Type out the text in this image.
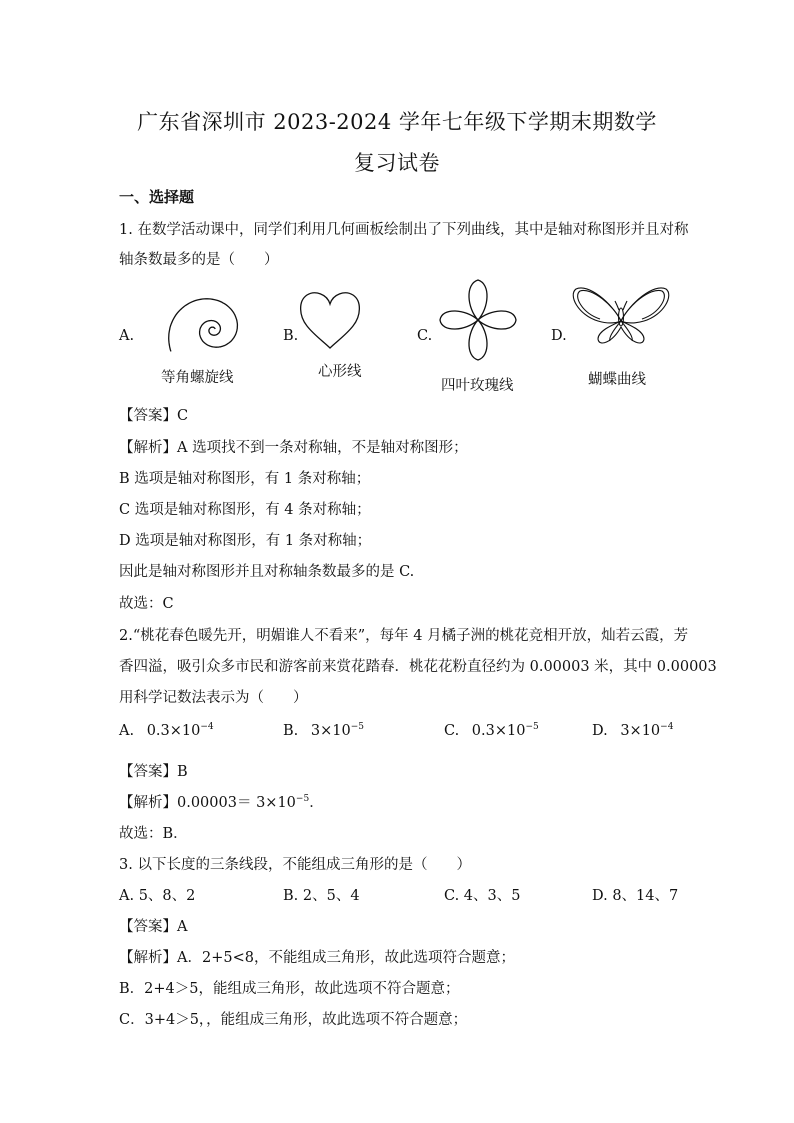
广东省深圳市 2023-2024 学年七年级下学期末期数学
复习试卷
一、选择题
1. 在数学活动课中，同学们利用几何画板绘制出了下列曲线，其中是轴对称图形并且对称
轴条数最多的是（　　）
A.	B.	C.	D.
等角螺旋线	心形线
四叶玫瑰线	蝴蝶曲线
【答案】C
【解析】A 选项找不到一条对称轴，不是轴对称图形；
B 选项是轴对称图形，有 1 条对称轴；
C 选项是轴对称图形，有 4 条对称轴；
D 选项是轴对称图形，有 1 条对称轴；
因此是轴对称图形并且对称轴条数最多的是 C.
故选：C
2.“桃花春色暖先开，明媚谁人不看来”，每年 4 月橘子洲的桃花竞相开放，灿若云霞，芳
香四溢，吸引众多市民和游客前来赏花踏春．桃花花粉直径约为 0.00003 米，其中 0.00003
用科学记数法表示为（　　）
A. $0.3\times 10^{-4}$	B. $3\times 10^{-5}$	C. $0.3\times 10^{-5}$	D. $3\times 10^{-4}$
【答案】B
【解析】$0.00003= 3\times 10^{-5}$．
故选：B．
3. 以下长度的三条线段，不能组成三角形的是（　　）
A. 5、8、2	B. 2、5、4	C. 4、3、5	D. 8、14、7
【答案】A
【解析】A．2+5<8，不能组成三角形，故此选项符合题意；
B．2+4＞5，能组成三角形，故此选项不符合题意；
C．3+4＞5，，能组成三角形，故此选项不符合题意；
